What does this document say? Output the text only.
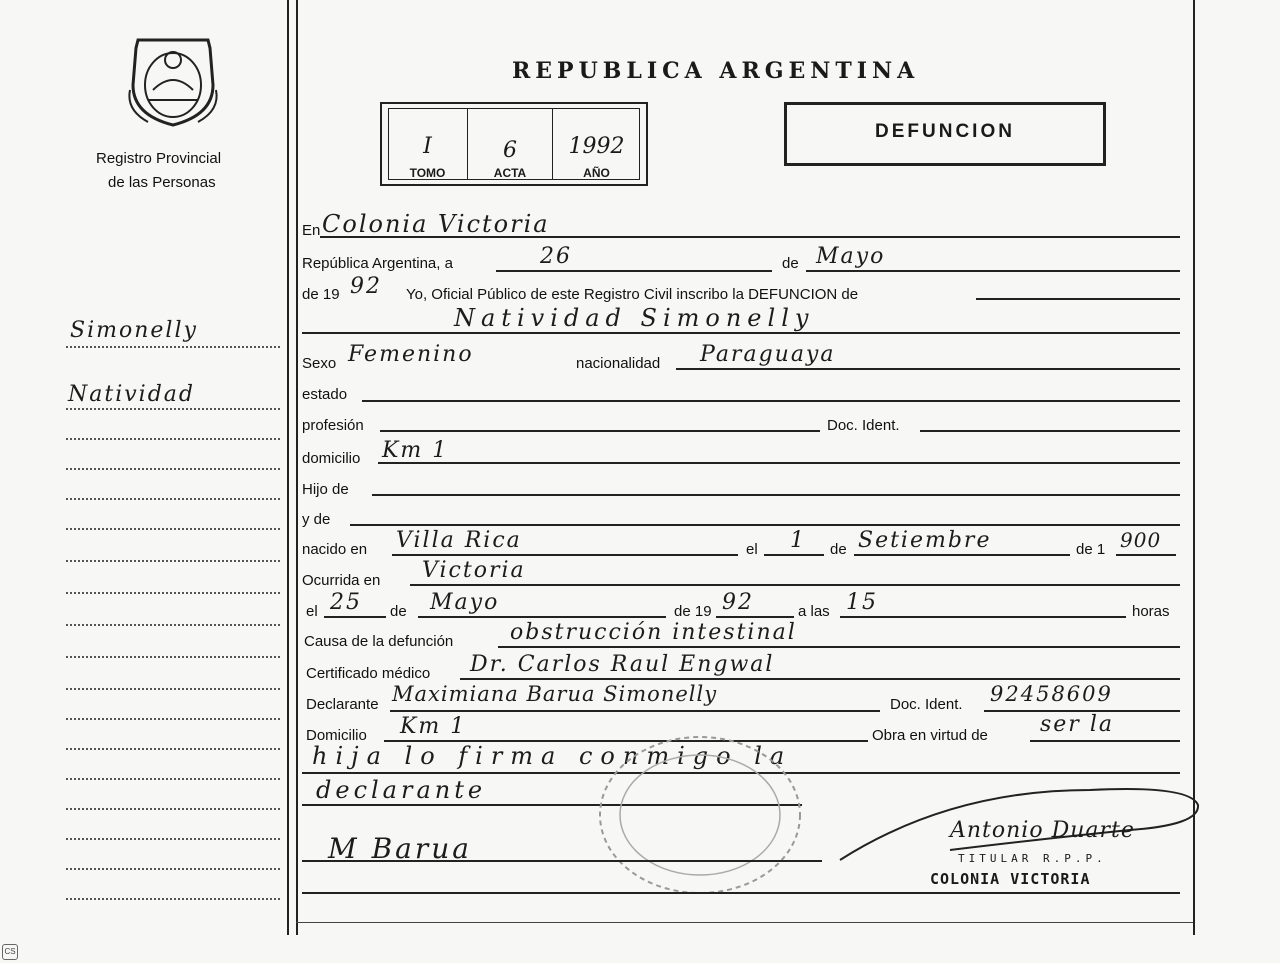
Registro Provincial
de las Personas
Simonelly
Natividad
REPUBLICA ARGENTINA
I	6	1992
TOMO	ACTA	AÑO
DEFUNCION
En Colonia Victoria
República Argentina, a	26	de Mayo
de 19 92 Yo, Oficial Público de este Registro Civil inscribo la DEFUNCION de
Natividad Simonelly
Sexo Femenino	nacionalidad Paraguaya
estado
profesión	Doc. Ident.
domicilio Km 1
Hijo de
y de
nacido en Villa Rica	el 1 de Setiembre	de 1 900
Ocurrida en Victoria
el 25 de Mayo	de 19 92	a las 15	horas
Causa de la defunción	obstrucción intestinal
Certificado médico Dr. Carlos Raul Engwal
Declarante Maximiana Barua Simonelly	Doc. Ident. 92458609
Domicilio Km 1	Obra en virtud de ser la
hija lo firma conmigo la
declarante
M Barua
Antonio Duarte
TITULAR R.P.P.
COLONIA VICTORIA
CS
